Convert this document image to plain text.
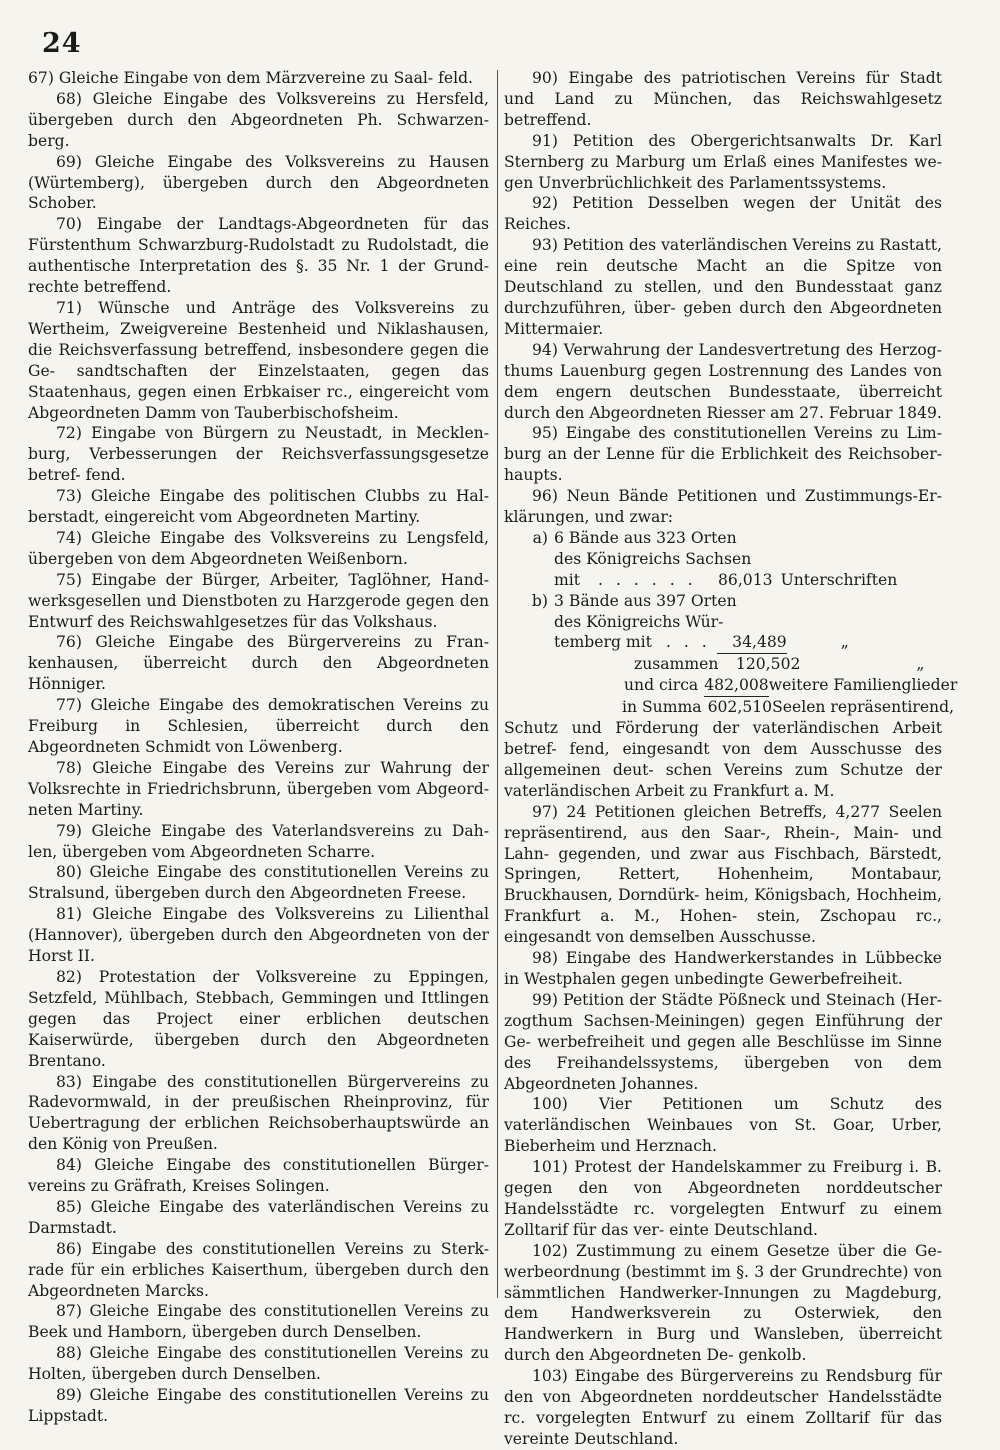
24

67) Gleiche Eingabe von dem Märzvereine zu Saal- feld.

68) Gleiche Eingabe des Volksvereins zu Hersfeld, übergeben durch den Abgeordneten Ph. Schwarzen- berg.

69) Gleiche Eingabe des Volksvereins zu Hausen (Würtemberg), übergeben durch den Abgeordneten Schober.

70) Eingabe der Landtags-Abgeordneten für das Fürstenthum Schwarzburg-Rudolstadt zu Rudolstadt, die authentische Interpretation des §. 35 Nr. 1 der Grund- rechte betreffend.

71) Wünsche und Anträge des Volksvereins zu Wertheim, Zweigvereine Bestenheid und Niklashausen, die Reichsverfassung betreffend, insbesondere gegen die Ge- sandtschaften der Einzelstaaten, gegen das Staatenhaus, gegen einen Erbkaiser rc., eingereicht vom Abgeordneten Damm von Tauberbischofsheim.

72) Eingabe von Bürgern zu Neustadt, in Mecklen- burg, Verbesserungen der Reichsverfassungsgesetze betref- fend.

73) Gleiche Eingabe des politischen Clubbs zu Hal- berstadt, eingereicht vom Abgeordneten Martiny.

74) Gleiche Eingabe des Volksvereins zu Lengsfeld, übergeben von dem Abgeordneten Weißenborn.

75) Eingabe der Bürger, Arbeiter, Taglöhner, Hand- werksgesellen und Dienstboten zu Harzgerode gegen den Entwurf des Reichswahlgesetzes für das Volkshaus.

76) Gleiche Eingabe des Bürgervereins zu Fran- kenhausen, überreicht durch den Abgeordneten Hönniger.

77) Gleiche Eingabe des demokratischen Vereins zu Freiburg in Schlesien, überreicht durch den Abgeordneten Schmidt von Löwenberg.

78) Gleiche Eingabe des Vereins zur Wahrung der Volksrechte in Friedrichsbrunn, übergeben vom Abgeord- neten Martiny.

79) Gleiche Eingabe des Vaterlandsvereins zu Dah- len, übergeben vom Abgeordneten Scharre.

80) Gleiche Eingabe des constitutionellen Vereins zu Stralsund, übergeben durch den Abgeordneten Freese.

81) Gleiche Eingabe des Volksvereins zu Lilienthal (Hannover), übergeben durch den Abgeordneten von der Horst II.

82) Protestation der Volksvereine zu Eppingen, Setzfeld, Mühlbach, Stebbach, Gemmingen und Ittlingen gegen das Project einer erblichen deutschen Kaiserwürde, übergeben durch den Abgeordneten Brentano.

83) Eingabe des constitutionellen Bürgervereins zu Radevormwald, in der preußischen Rheinprovinz, für Uebertragung der erblichen Reichsoberhauptswürde an den König von Preußen.

84) Gleiche Eingabe des constitutionellen Bürger- vereins zu Gräfrath, Kreises Solingen.

85) Gleiche Eingabe des vaterländischen Vereins zu Darmstadt.

86) Eingabe des constitutionellen Vereins zu Sterk- rade für ein erbliches Kaiserthum, übergeben durch den Abgeordneten Marcks.

87) Gleiche Eingabe des constitutionellen Vereins zu Beek und Hamborn, übergeben durch Denselben.

88) Gleiche Eingabe des constitutionellen Vereins zu Holten, übergeben durch Denselben.

89) Gleiche Eingabe des constitutionellen Vereins zu Lippstadt.

90) Eingabe des patriotischen Vereins für Stadt und Land zu München, das Reichswahlgesetz betreffend.

91) Petition des Obergerichtsanwalts Dr. Karl Sternberg zu Marburg um Erlaß eines Manifestes we- gen Unverbrüchlichkeit des Parlamentssystems.

92) Petition Desselben wegen der Unität des Reiches.

93) Petition des vaterländischen Vereins zu Rastatt, eine rein deutsche Macht an die Spitze von Deutschland zu stellen, und den Bundesstaat ganz durchzuführen, über- geben durch den Abgeordneten Mittermaier.

94) Verwahrung der Landesvertretung des Herzog- thums Lauenburg gegen Lostrennung des Landes von dem engern deutschen Bundesstaate, überreicht durch den Abgeordneten Riesser am 27. Februar 1849.

95) Eingabe des constitutionellen Vereins zu Lim- burg an der Lenne für die Erblichkeit des Reichsober- haupts.

96) Neun Bände Petitionen und Zustimmungs-Er- klärungen, und zwar:

a) 6 Bände aus 323 Orten
des Königreichs Sachsen
mit . . . . . .	86,013 Unterschriften
b) 3 Bände aus 397 Orten
des Königreichs Wür-
temberg mit . . .	34,489	„
zusammen	120,502	„
und circa 482,008 weitere Familienglieder
in Summa 602,510 Seelen repräsentirend,

Schutz und Förderung der vaterländischen Arbeit betref- fend, eingesandt von dem Ausschusse des allgemeinen deut- schen Vereins zum Schutze der vaterländischen Arbeit zu Frankfurt a. M.

97) 24 Petitionen gleichen Betreffs, 4,277 Seelen repräsentirend, aus den Saar-, Rhein-, Main- und Lahn- gegenden, und zwar aus Fischbach, Bärstedt, Springen, Rettert, Hohenheim, Montabaur, Bruckhausen, Dorndürk- heim, Königsbach, Hochheim, Frankfurt a. M., Hohen- stein, Zschopau rc., eingesandt von demselben Ausschusse.

98) Eingabe des Handwerkerstandes in Lübbecke in Westphalen gegen unbedingte Gewerbefreiheit.

99) Petition der Städte Pößneck und Steinach (Her- zogthum Sachsen-Meiningen) gegen Einführung der Ge- werbefreiheit und gegen alle Beschlüsse im Sinne des Freihandelssystems, übergeben von dem Abgeordneten Johannes.

100) Vier Petitionen um Schutz des vaterländischen Weinbaues von St. Goar, Urber, Bieberheim und Herznach.

101) Protest der Handelskammer zu Freiburg i. B. gegen den von Abgeordneten norddeutscher Handelsstädte rc. vorgelegten Entwurf zu einem Zolltarif für das ver- einte Deutschland.

102) Zustimmung zu einem Gesetze über die Ge- werbeordnung (bestimmt im §. 3 der Grundrechte) von sämmtlichen Handwerker-Innungen zu Magdeburg, dem Handwerksverein zu Osterwiek, den Handwerkern in Burg und Wansleben, überreicht durch den Abgeordneten De- genkolb.

103) Eingabe des Bürgervereins zu Rendsburg für den von Abgeordneten norddeutscher Handelsstädte rc. vorgelegten Entwurf zu einem Zolltarif für das vereinte Deutschland.
